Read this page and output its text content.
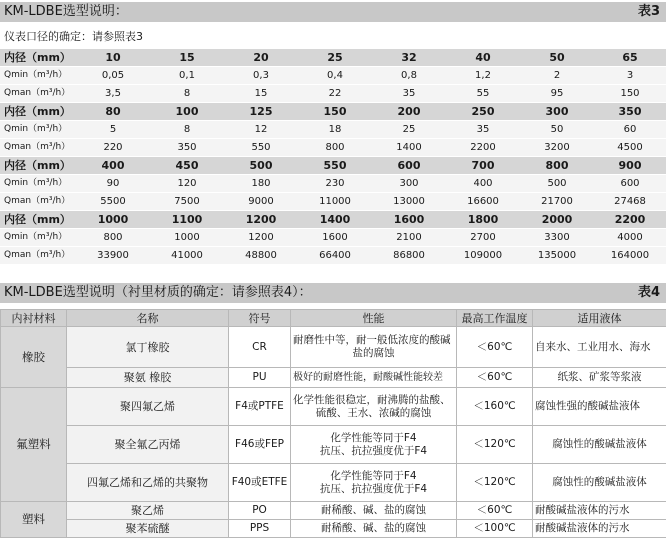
KM-LDBE选型说明：	表3
仪表口径的确定：请参照表3
内径（mm）	10	15	20	25	32	40	50	65
Qmin（m³/h）	0,05	0,1	0,3	0,4	0,8	1,2	2	3
Qman（m³/h）	3,5	8	15	22	35	55	95	150
内径（mm）	80	100	125	150	200	250	300	350
Qmin（m³/h）	5	8	12	18	25	35	50	60
Qman（m³/h）	220	350	550	800	1400	2200	3200	4500
内径（mm）	400	450	500	550	600	700	800	900
Qmin（m³/h）	90	120	180	230	300	400	500	600
Qman（m³/h）	5500	7500	9000	11000	13000	16600	21700	27468
内径（mm）	1000	1100	1200	1400	1600	1800	2000	2200
Qmin（m³/h）	800	1000	1200	1600	2100	2700	3300	4000
Qman（m³/h）	33900	41000	48800	66400	86800	109000	135000	164000
KM-LDBE选型说明（衬里材质的确定：请参照表4）：	表4
内衬材料	名称	符号	性能	最高工作温度	适用液体
橡胶	氯丁橡胶	CR	耐磨性中等，耐一般低浓度的酸碱
盐的腐蚀	＜60℃	自来水、工业用水、海水
	聚氨 橡胶	PU	极好的耐磨性能，耐酸碱性能较差	＜60℃	纸浆、矿浆等浆液
氟塑料	聚四氟乙烯	F4或PTFE	化学性能很稳定，耐沸腾的盐酸、
硫酸、王水、浓碱的腐蚀	＜160℃	腐蚀性强的酸碱盐液体
	聚全氟乙丙烯	F46或FEP	化学性能等同于F4
抗压、抗拉强度优于F4	＜120℃	腐蚀性的酸碱盐液体
	四氟乙烯和乙烯的共聚物	F40或ETFE	化学性能等同于F4
抗压、抗拉强度优于F4	＜120℃	腐蚀性的酸碱盐液体
塑料	聚乙烯	PO	耐稀酸、碱、盐的腐蚀	＜60℃	耐酸碱盐液体的污水
	聚苯硫醚	PPS	耐稀酸、碱、盐的腐蚀	＜100℃	耐酸碱盐液体的污水
